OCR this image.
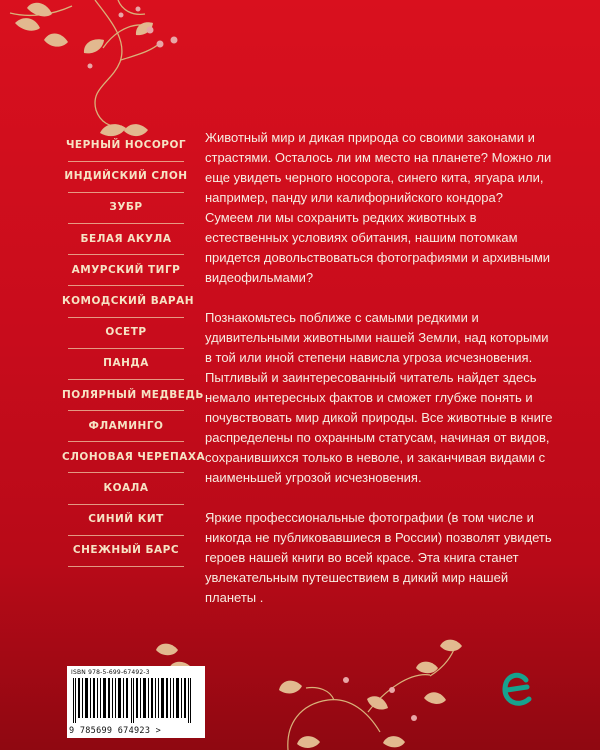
ЧЕРНЫЙ НОСОРОГ
ИНДИЙСКИЙ СЛОН
ЗУБР
БЕЛАЯ АКУЛА
АМУРСКИЙ ТИГР
КОМОДСКИЙ ВАРАН
ОСЕТР
ПАНДА
ПОЛЯРНЫЙ МЕДВЕДЬ
ФЛАМИНГО
СЛОНОВАЯ ЧЕРЕПАХА
КОАЛА
СИНИЙ КИТ
СНЕЖНЫЙ БАРС

Животный мир и дикая природа со своими законами и страстями. Осталось ли им место на планете? Можно ли еще увидеть черного носорога, синего кита, ягуара или, например, панду или калифорнийского кондора? Сумеем ли мы сохранить редких животных в естественных условиях обитания, нашим потомкам придется довольствоваться фотографиями и архивными видеофильмами?

Познакомьтесь поближе с самыми редкими и удивительными животными нашей Земли, над которыми в той или иной степени нависла угроза исчезновения. Пытливый и заинтересованный читатель найдет здесь немало интересных фактов и сможет глубже понять и почувствовать мир дикой природы. Все животные в книге распределены по охранным статусам, начиная от видов, сохранившихся только в неволе, и заканчивая видами с наименьшей угрозой исчезновения.

Яркие профессиональные фотографии (в том числе и никогда не публиковавшиеся в России) позволят увидеть героев нашей книги во всей красе. Эта книга станет увлекательным путешествием в дикий мир нашей планеты .

ISBN 978-5-699-67492-3
9 785699 674923 >
